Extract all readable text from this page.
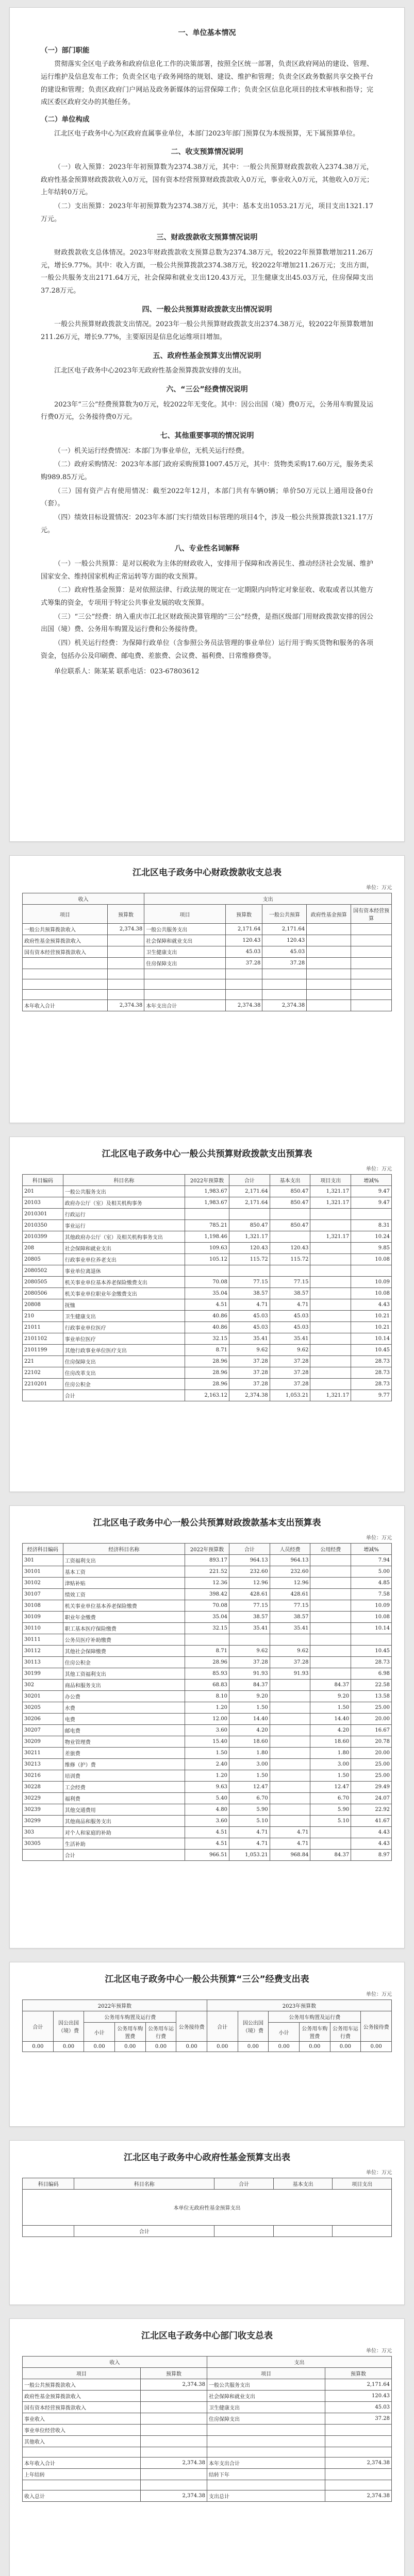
一、单位基本情况
（一）部门职能

贯彻落实全区电子政务和政府信息化工作的决策部署，按照全区统一部署，负责区政府网站的建设、管理、运行维护及信息发布工作；负责全区电子政务网络的规划、建设、维护和管理；负责全区政务数据共享交换平台的建设和管理；负责区政府门户网站及政务新媒体的运营保障工作；负责全区信息化项目的技术审核和指导；完成区委区政府交办的其他任务。

（二）单位构成

江北区电子政务中心为区政府直属事业单位，本部门2023年部门预算仅为本级预算，无下属预算单位。

二、收支预算情况说明

（一）收入预算：2023年年初预算数为2374.38万元，其中：一般公共预算财政拨款收入2374.38万元，政府性基金预算财政拨款收入0万元，国有资本经营预算财政拨款收入0万元，事业收入0万元，其他收入0万元；上年结转0万元。

（二）支出预算：2023年年初预算数为2374.38万元，其中：基本支出1053.21万元，项目支出1321.17万元。

三、财政拨款收支预算情况说明

财政拨款收支总体情况。2023年财政拨款收支预算总数为2374.38万元，较2022年预算数增加211.26万元，增长9.77%。其中：收入方面，一般公共预算拨款2374.38万元，较2022年增加211.26万元；支出方面，一般公共服务支出2171.64万元，社会保障和就业支出120.43万元，卫生健康支出45.03万元，住房保障支出37.28万元。

四、一般公共预算财政拨款支出情况说明

一般公共预算财政拨款支出情况。2023年一般公共预算财政拨款支出2374.38万元，较2022年预算数增加211.26万元，增长9.77%，主要原因是信息化运维项目增加。

五、政府性基金预算支出情况说明

江北区电子政务中心2023年无政府性基金预算拨款安排的支出。

六、“三公”经费情况说明

2023年“三公”经费预算数为0万元，较2022年无变化。其中：因公出国（境）费0万元，公务用车购置及运行费0万元，公务接待费0万元。

七、其他重要事项的情况说明

（一）机关运行经费情况：本部门为事业单位，无机关运行经费。

（二）政府采购情况：2023年本部门政府采购预算1007.45万元，其中：货物类采购17.60万元，服务类采购989.85万元。

（三）国有资产占有使用情况：截至2022年12月，本部门共有车辆0辆；单价50万元以上通用设备0台（套）。

（四）绩效目标设置情况：2023年本部门实行绩效目标管理的项目4个，涉及一般公共预算拨款1321.17万元。

八、专业性名词解释

（一）一般公共预算：是对以税收为主体的财政收入，安排用于保障和改善民生、推动经济社会发展、维护国家安全、维持国家机构正常运转等方面的收支预算。

（二）政府性基金预算：是对依照法律、行政法规的规定在一定期限内向特定对象征收、收取或者以其他方式筹集的资金，专项用于特定公共事业发展的收支预算。

（三）“三公”经费：纳入重庆市江北区财政预决算管理的“三公”经费，是指区级部门用财政拨款安排的因公出国（境）费、公务用车购置及运行费和公务接待费。

（四）机关运行经费：为保障行政单位（含参照公务员法管理的事业单位）运行用于购买货物和服务的各项资金，包括办公及印刷费、邮电费、差旅费、会议费、福利费、日常维修费等。

单位联系人：陈某某 联系电话：023-67803612

江北区电子政务中心财政拨款收支总表
单位：万元
收入		支出				
项目	预算数	项目	预算数	一般公共预算	政府性基金预算	国有资本经营预算
一般公共预算拨款收入	2,374.38	一般公共服务支出	2,171.64	2,171.64		
政府性基金预算拨款收入		社会保障和就业支出	120.43	120.43		
国有资本经营预算拨款收入		卫生健康支出	45.03	45.03		
		住房保障支出	37.28	37.28		

本年收入合计	2,374.38	本年支出合计	2,374.38	2,374.38		
江北区电子政务中心一般公共预算财政拨款支出预算表
单位：万元
科目编码	科目名称	2022年预算数	合计	基本支出	项目支出	增减%
201	一般公共服务支出	1,983.67	2,171.64	850.47	1,321.17	9.47
20103	政府办公厅（室）及相关机构事务	1,983.67	2,171.64	850.47	1,321.17	9.47
2010301	行政运行					
2010350	事业运行	785.21	850.47	850.47		8.31
2010399	其他政府办公厅（室）及相关机构事务支出	1,198.46	1,321.17		1,321.17	10.24
208	社会保障和就业支出	109.63	120.43	120.43		9.85
20805	行政事业单位养老支出	105.12	115.72	115.72		10.08
2080502	事业单位离退休					
2080505	机关事业单位基本养老保险缴费支出	70.08	77.15	77.15		10.09
2080506	机关事业单位职业年金缴费支出	35.04	38.57	38.57		10.08
20808	抚恤	4.51	4.71	4.71		4.43
210	卫生健康支出	40.86	45.03	45.03		10.21
21011	行政事业单位医疗	40.86	45.03	45.03		10.21
2101102	事业单位医疗	32.15	35.41	35.41		10.14
2101199	其他行政事业单位医疗支出	8.71	9.62	9.62		10.45
221	住房保障支出	28.96	37.28	37.28		28.73
22102	住房改革支出	28.96	37.28	37.28		28.73
2210201	住房公积金	28.96	37.28	37.28		28.73
	合计	2,163.12	2,374.38	1,053.21	1,321.17	9.77
江北区电子政务中心一般公共预算财政拨款基本支出预算表
单位：万元
经济科目编码	经济科目名称	2022年预算数	合计	人员经费	公用经费	增减%
301	工资福利支出	893.17	964.13	964.13		7.94
30101	基本工资	221.52	232.60	232.60		5.00
30102	津贴补贴	12.36	12.96	12.96		4.85
30107	绩效工资	398.42	428.61	428.61		7.58
30108	机关事业单位基本养老保险缴费	70.08	77.15	77.15		10.09
30109	职业年金缴费	35.04	38.57	38.57		10.08
30110	职工基本医疗保险缴费	32.15	35.41	35.41		10.14
30111	公务员医疗补助缴费					
30112	其他社会保障缴费	8.71	9.62	9.62		10.45
30113	住房公积金	28.96	37.28	37.28		28.73
30199	其他工资福利支出	85.93	91.93	91.93		6.98
302	商品和服务支出	68.83	84.37		84.37	22.58
30201	办公费	8.10	9.20		9.20	13.58
30205	水费	1.20	1.50		1.50	25.00
30206	电费	12.00	14.40		14.40	20.00
30207	邮电费	3.60	4.20		4.20	16.67
30209	物业管理费	15.40	18.60		18.60	20.78
30211	差旅费	1.50	1.80		1.80	20.00
30213	维修（护）费	2.40	3.00		3.00	25.00
30216	培训费	1.20	1.50		1.50	25.00
30228	工会经费	9.63	12.47		12.47	29.49
30229	福利费	5.40	6.70		6.70	24.07
30239	其他交通费用	4.80	5.90		5.90	22.92
30299	其他商品和服务支出	3.60	5.10		5.10	41.67
303	对个人和家庭的补助	4.51	4.71	4.71		4.43
30305	生活补助	4.51	4.71	4.71		4.43
	合计	966.51	1,053.21	968.84	84.37	8.97
江北区电子政务中心一般公共预算“三公”经费支出表
单位：万元
2022年预算数						2023年预算数					
合计	因公出国（境）费	公务用车购置及运行费			公务接待费	合计	因公出国（境）费	公务用车购置及运行费			公务接待费
		小计	公务用车购置费	公务用车运行费				小计	公务用车购置费	公务用车运行费	
0.00	0.00	0.00	0.00	0.00	0.00	0.00	0.00	0.00	0.00	0.00	0.00
江北区电子政务中心政府性基金预算支出表
单位：万元
科目编码	科目名称	合计	基本支出	项目支出
本单位无政府性基金预算支出				
	合计			
江北区电子政务中心部门收支总表
单位：万元
收入		支出	
项目	预算数	项目	预算数
一般公共预算拨款收入	2,374.38	一般公共服务支出	2,171.64
政府性基金预算拨款收入		社会保障和就业支出	120.43
国有资本经营预算拨款收入		卫生健康支出	45.03
事业收入		住房保障支出	37.28
事业单位经营收入			
其他收入			

本年收入合计	2,374.38	本年支出合计	2,374.38
上年结转		结转下年	

收入总计	2,374.38	支出总计	2,374.38
